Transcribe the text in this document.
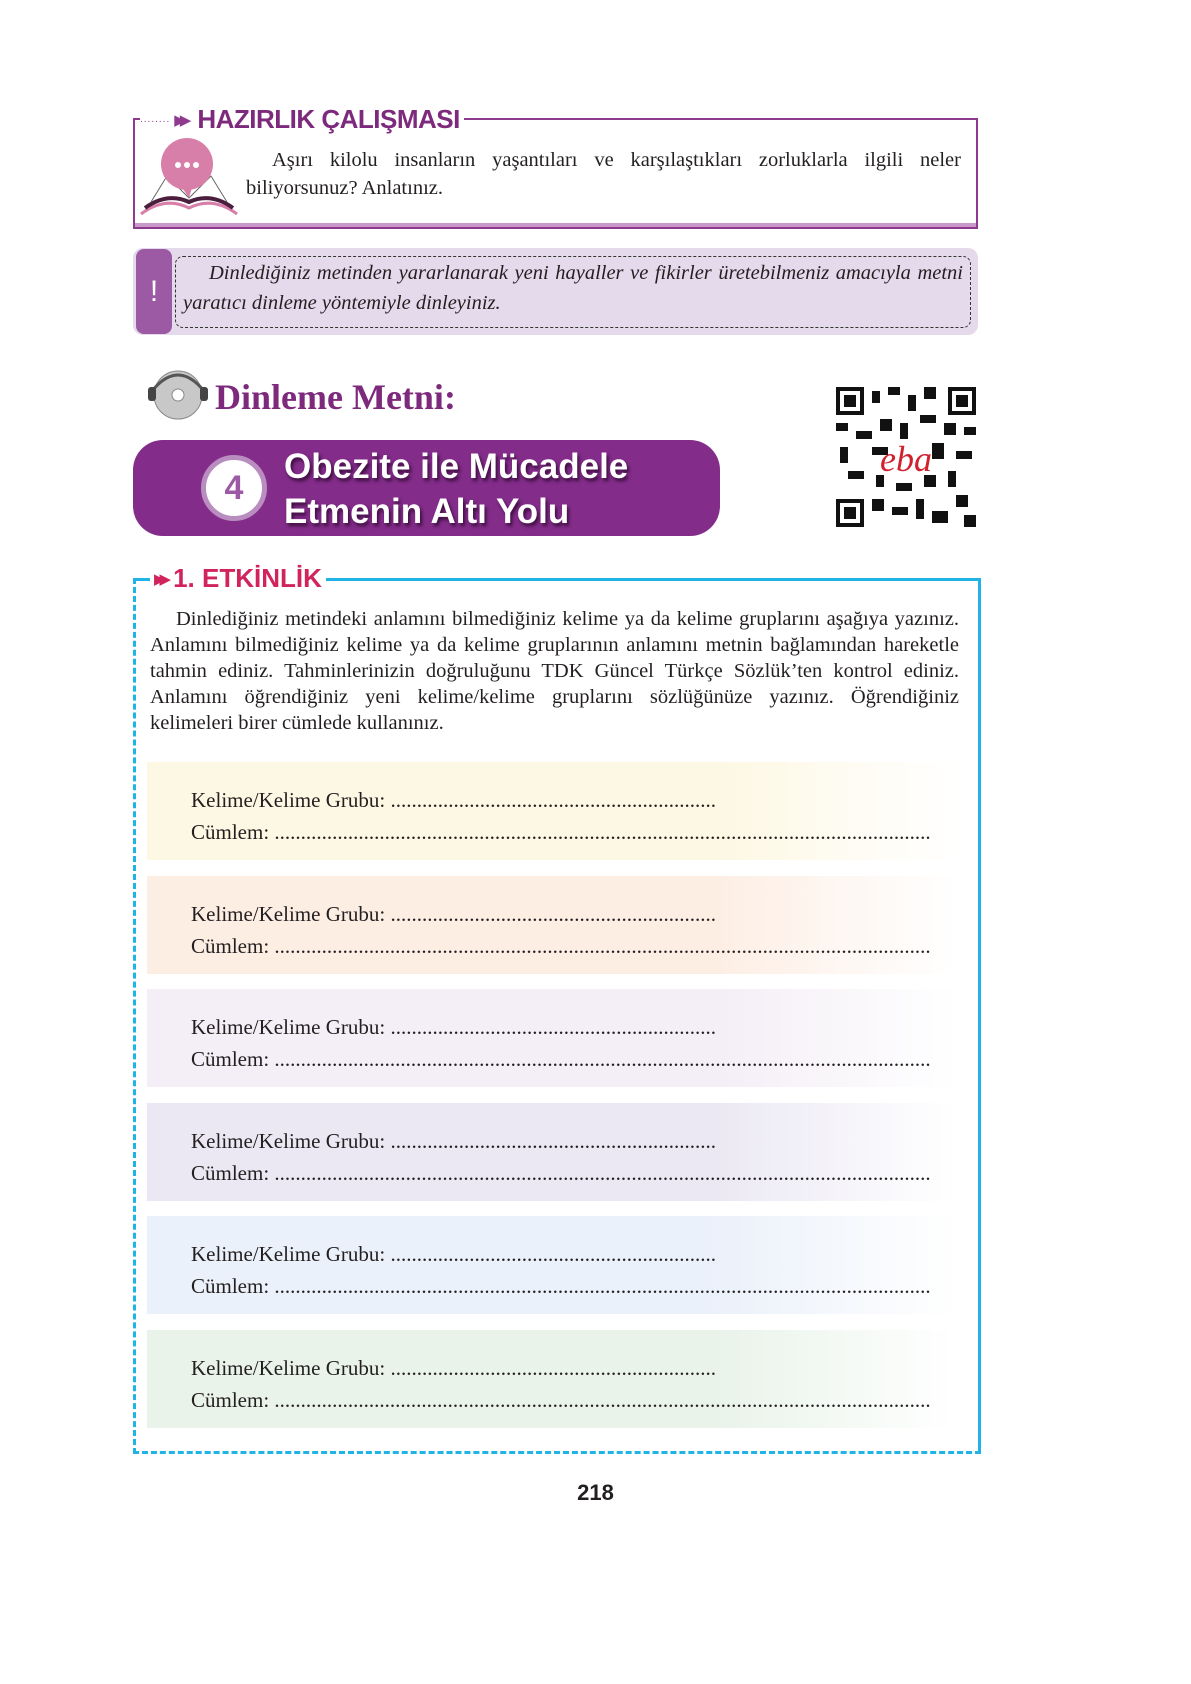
........ ▶▶ HAZIRLIK ÇALIŞMASI

Aşırı kilolu insanların yaşantıları ve karşılaştıkları zorluklarla ilgili neler biliyorsunuz? Anlatınız.

!

Dinlediğiniz metinden yararlanarak yeni hayaller ve fikirler üretebilmeniz amacıyla metni yaratıcı dinleme yöntemiyle dinleyiniz.

Dinleme Metni:
4
Obezite ile Mücadele
Etmenin Altı Yolu
eba
▶▶ 1. ETKİNLİK

Dinlediğiniz metindeki anlamını bilmediğiniz kelime ya da kelime gruplarını aşağıya yazınız. Anlamını bilmediğiniz kelime ya da kelime gruplarının anlamını metnin bağlamından hareketle tahmin ediniz. Tahminlerinizin doğruluğunu TDK Güncel Türkçe Sözlük’ten kontrol ediniz. Anlamını öğrendiğiniz yeni kelime/kelime gruplarını sözlüğünüze yazınız. Öğrendiğiniz kelimeleri birer cümlede kullanınız.

Kelime/Kelime Grubu: ..............................................................
Cümlem: .............................................................................................................................
Kelime/Kelime Grubu: ..............................................................
Cümlem: .............................................................................................................................
Kelime/Kelime Grubu: ..............................................................
Cümlem: .............................................................................................................................
Kelime/Kelime Grubu: ..............................................................
Cümlem: .............................................................................................................................
Kelime/Kelime Grubu: ..............................................................
Cümlem: .............................................................................................................................
Kelime/Kelime Grubu: ..............................................................
Cümlem: .............................................................................................................................
218
